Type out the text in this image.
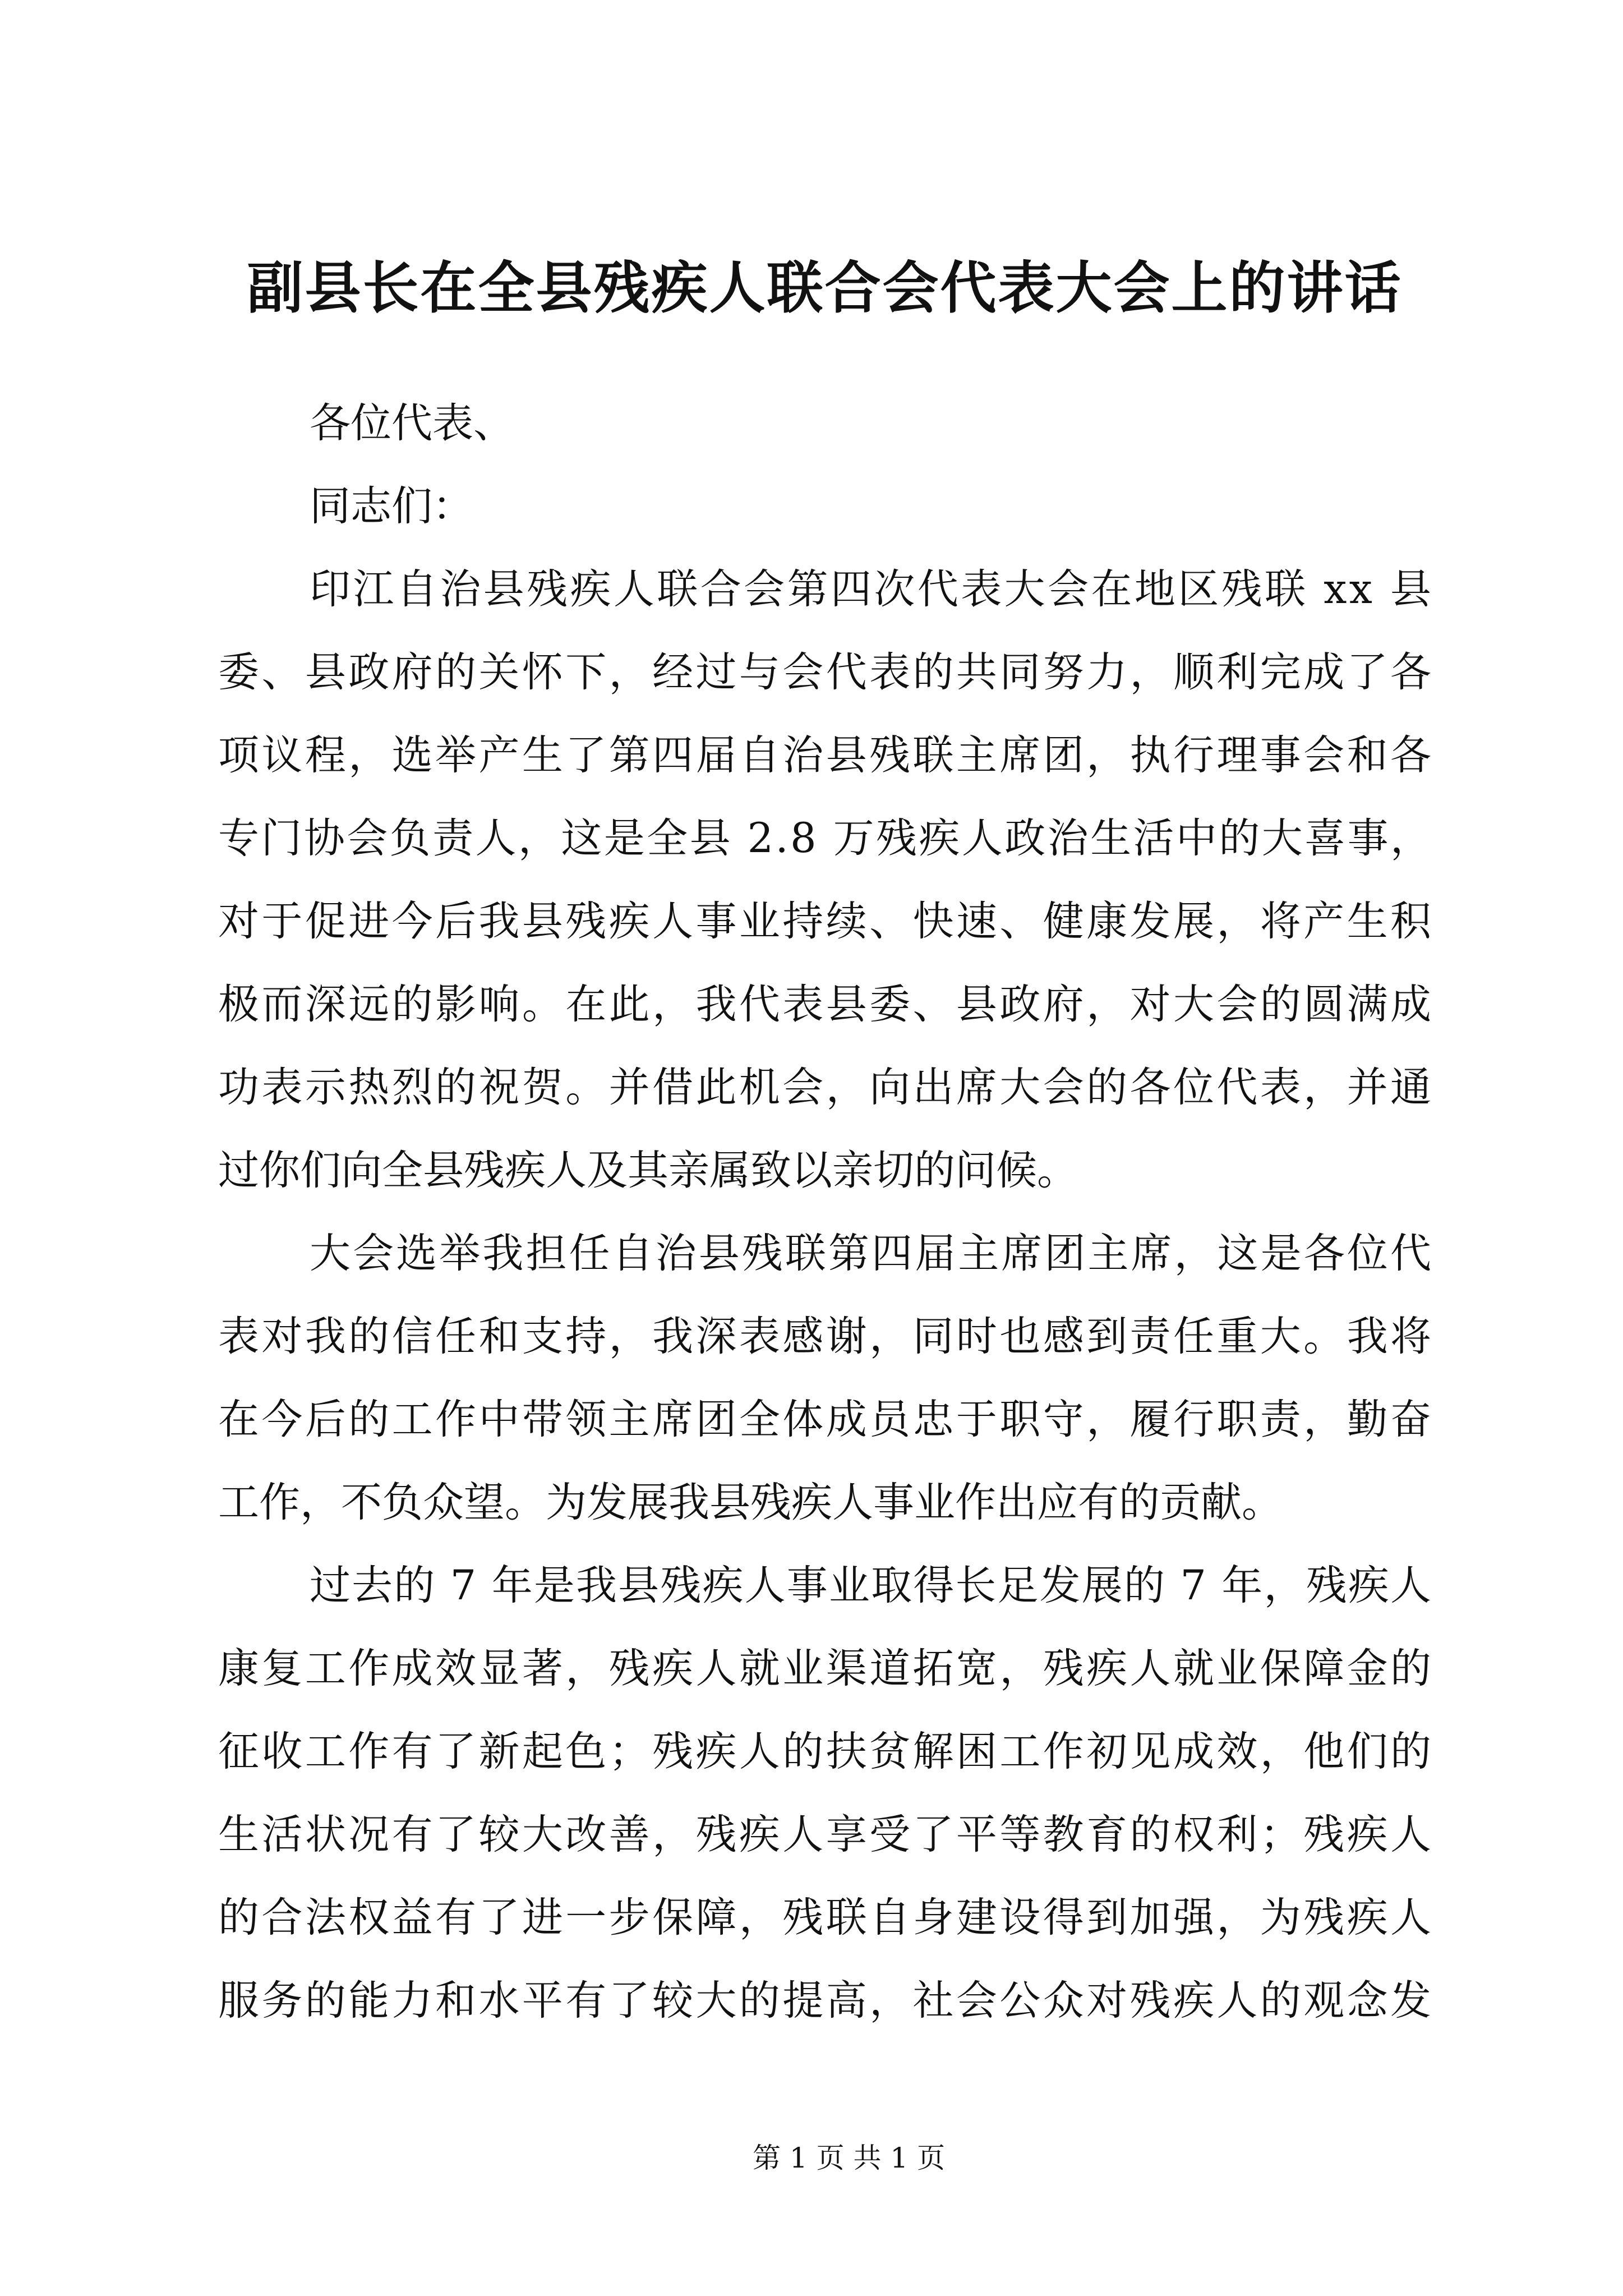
副县长在全县残疾人联合会代表大会上的讲话
各位代表、
同志们：
印江自治县残疾人联合会第四次代表大会在地区残联 xx 县
委、县政府的关怀下，经过与会代表的共同努力，顺利完成了各
项议程，选举产生了第四届自治县残联主席团，执行理事会和各
专门协会负责人，这是全县 2.8 万残疾人政治生活中的大喜事，
对于促进今后我县残疾人事业持续、快速、健康发展，将产生积
极而深远的影响。在此，我代表县委、县政府，对大会的圆满成
功表示热烈的祝贺。并借此机会，向出席大会的各位代表，并通
过你们向全县残疾人及其亲属致以亲切的问候。
大会选举我担任自治县残联第四届主席团主席，这是各位代
表对我的信任和支持，我深表感谢，同时也感到责任重大。我将
在今后的工作中带领主席团全体成员忠于职守，履行职责，勤奋
工作，不负众望。为发展我县残疾人事业作出应有的贡献。
过去的 7 年是我县残疾人事业取得长足发展的 7 年，残疾人
康复工作成效显著，残疾人就业渠道拓宽，残疾人就业保障金的
征收工作有了新起色；残疾人的扶贫解困工作初见成效，他们的
生活状况有了较大改善，残疾人享受了平等教育的权利；残疾人
的合法权益有了进一步保障，残联自身建设得到加强，为残疾人
服务的能力和水平有了较大的提高，社会公众对残疾人的观念发
第 1 页 共 1 页
